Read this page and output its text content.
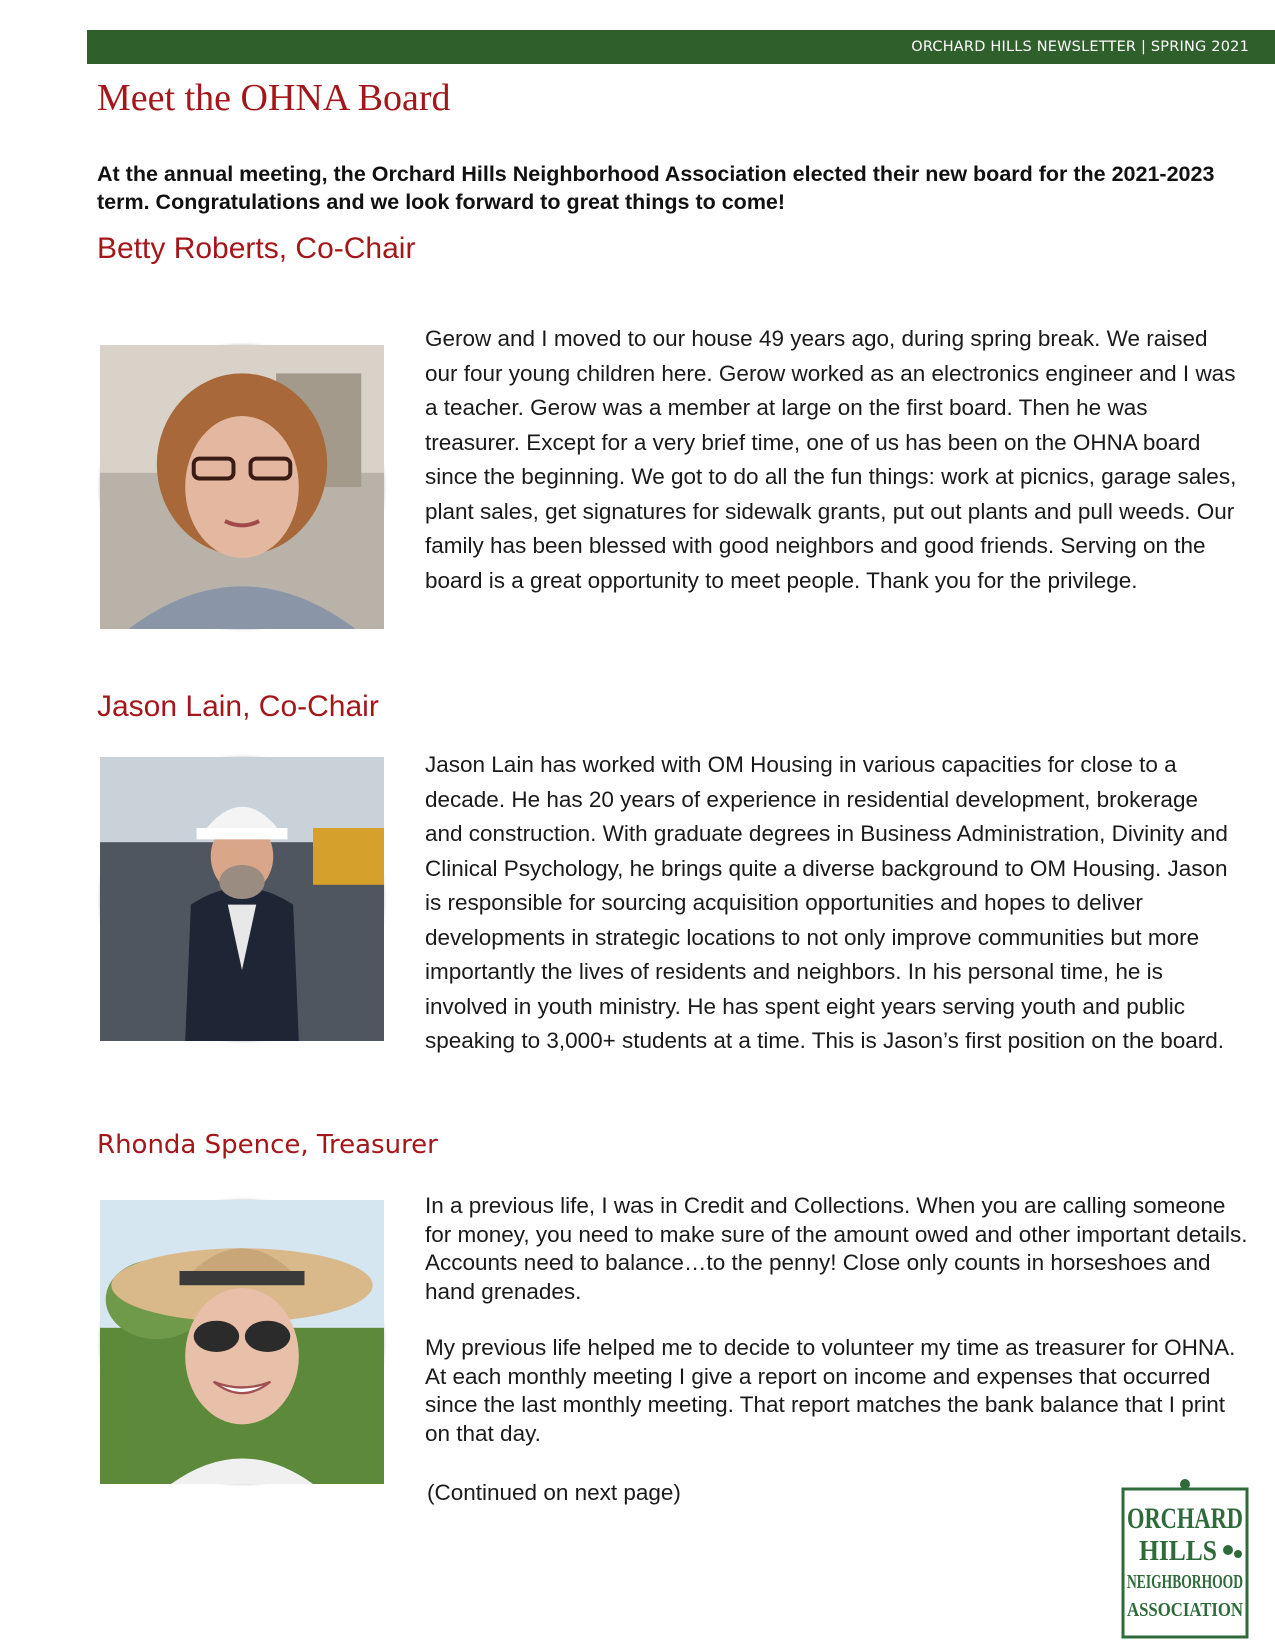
ORCHARD HILLS NEWSLETTER | SPRING 2021
Meet the OHNA Board

At the annual meeting, the Orchard Hills Neighborhood Association elected their new board for the 2021-2023 term. Congratulations and we look forward to great things to come!

Betty Roberts, Co-Chair

Gerow and I moved to our house 49 years ago, during spring break. We raised our four young children here. Gerow worked as an electronics engineer and I was a teacher. Gerow was a member at large on the first board. Then he was treasurer. Except for a very brief time, one of us has been on the OHNA board since the beginning. We got to do all the fun things: work at picnics, garage sales, plant sales, get signatures for sidewalk grants, put out plants and pull weeds. Our family has been blessed with good neighbors and good friends. Serving on the board is a great opportunity to meet people. Thank you for the privilege.

Jason Lain, Co-Chair

Jason Lain has worked with OM Housing in various capacities for close to a decade. He has 20 years of experience in residential development, brokerage and construction. With graduate degrees in Business Administration, Divinity and Clinical Psychology, he brings quite a diverse background to OM Housing. Jason is responsible for sourcing acquisition opportunities and hopes to deliver developments in strategic locations to not only improve communities but more importantly the lives of residents and neighbors. In his personal time, he is involved in youth ministry. He has spent eight years serving youth and public speaking to 3,000+ students at a time. This is Jason’s first position on the board.

Rhonda Spence, Treasurer

In a previous life, I was in Credit and Collections. When you are calling someone for money, you need to make sure of the amount owed and other important details. Accounts need to balance…to the penny! Close only counts in horseshoes and hand grenades.

My previous life helped me to decide to volunteer my time as treasurer for OHNA. At each monthly meeting I give a report on income and expenses that occurred since the last monthly meeting. That report matches the bank balance that I print on that day.

(Continued on next page)
ORCHARD
HILLS
NEIGHBORHOOD
ASSOCIATION
